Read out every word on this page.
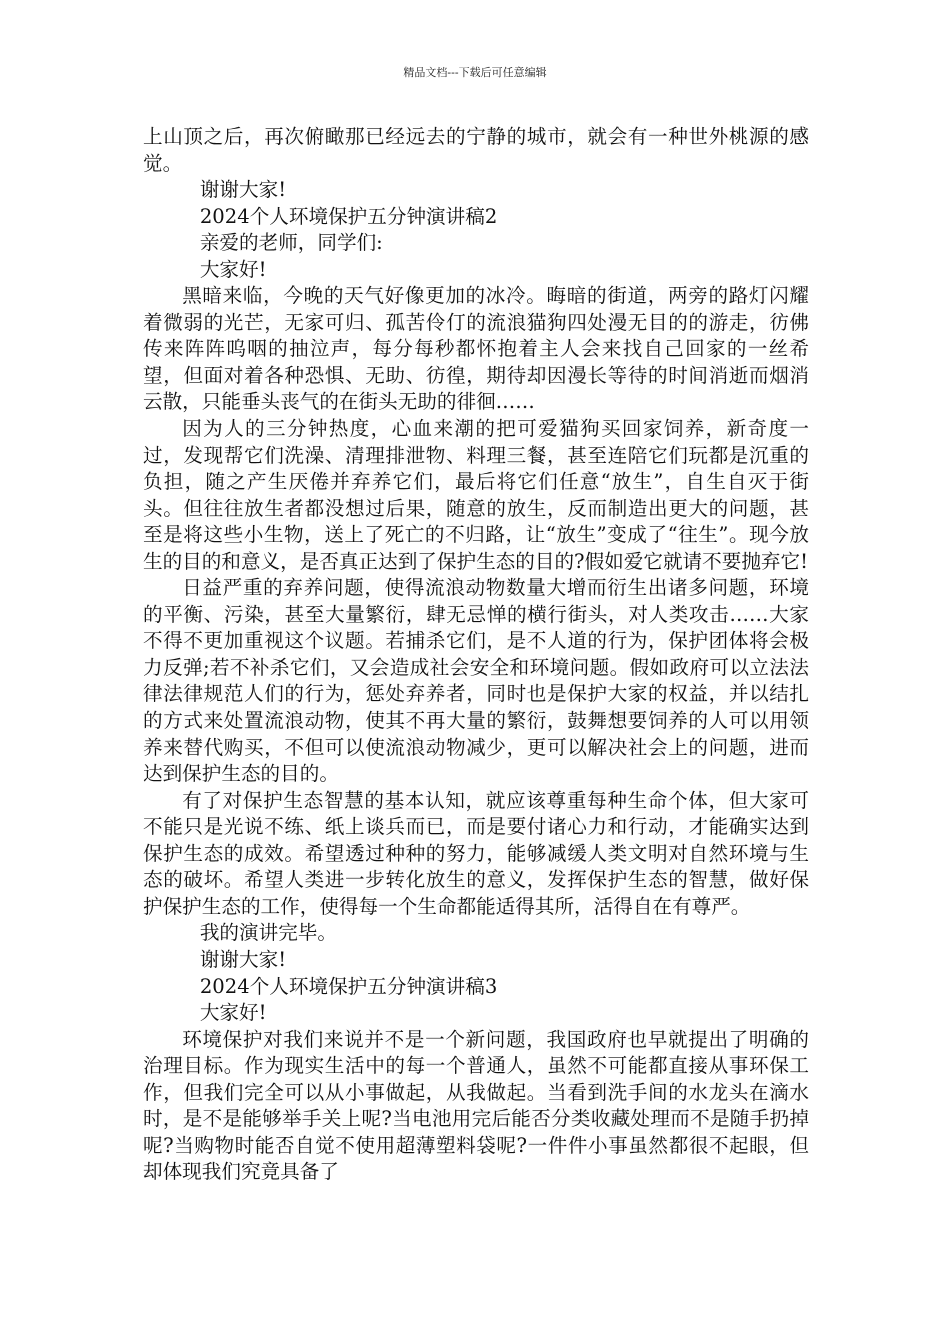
精品文档---下载后可任意编辑

上山顶之后，再次俯瞰那已经远去的宁静的城市，就会有一种世外桃源的感觉。

谢谢大家!

2024个人环境保护五分钟演讲稿2

亲爱的老师，同学们:

大家好!

黑暗来临，今晚的天气好像更加的冰冷。晦暗的街道，两旁的路灯闪耀着微弱的光芒，无家可归、孤苦伶仃的流浪猫狗四处漫无目的的游走，彷佛传来阵阵呜咽的抽泣声，每分每秒都怀抱着主人会来找自己回家的一丝希望，但面对着各种恐惧、无助、彷徨，期待却因漫长等待的时间消逝而烟消云散，只能垂头丧气的在街头无助的徘徊……

因为人的三分钟热度，心血来潮的把可爱猫狗买回家饲养，新奇度一过，发现帮它们洗澡、清理排泄物、料理三餐，甚至连陪它们玩都是沉重的负担，随之产生厌倦并弃养它们，最后将它们任意“放生”，自生自灭于街头。但往往放生者都没想过后果，随意的放生，反而制造出更大的问题，甚至是将这些小生物，送上了死亡的不归路，让“放生”变成了“往生”。现今放生的目的和意义，是否真正达到了保护生态的目的?假如爱它就请不要抛弃它!

日益严重的弃养问题，使得流浪动物数量大增而衍生出诸多问题，环境的平衡、污染，甚至大量繁衍，肆无忌惮的横行街头，对人类攻击……大家不得不更加重视这个议题。若捕杀它们，是不人道的行为，保护团体将会极力反弹;若不补杀它们，又会造成社会安全和环境问题。假如政府可以立法法律法律规范人们的行为，惩处弃养者，同时也是保护大家的权益，并以结扎的方式来处置流浪动物，使其不再大量的繁衍，鼓舞想要饲养的人可以用领养来替代购买，不但可以使流浪动物减少，更可以解决社会上的问题，进而达到保护生态的目的。

有了对保护生态智慧的基本认知，就应该尊重每种生命个体，但大家可不能只是光说不练、纸上谈兵而已，而是要付诸心力和行动，才能确实达到保护生态的成效。希望透过种种的努力，能够减缓人类文明对自然环境与生态的破坏。希望人类进一步转化放生的意义，发挥保护生态的智慧，做好保护保护生态的工作，使得每一个生命都能适得其所，活得自在有尊严。

我的演讲完毕。

谢谢大家!

2024个人环境保护五分钟演讲稿3

大家好!

环境保护对我们来说并不是一个新问题，我国政府也早就提出了明确的治理目标。作为现实生活中的每一个普通人，虽然不可能都直接从事环保工作，但我们完全可以从小事做起，从我做起。当看到洗手间的水龙头在滴水时，是不是能够举手关上呢?当电池用完后能否分类收藏处理而不是随手扔掉呢?当购物时能否自觉不使用超薄塑料袋呢?一件件小事虽然都很不起眼，但却体现我们究竟具备了
